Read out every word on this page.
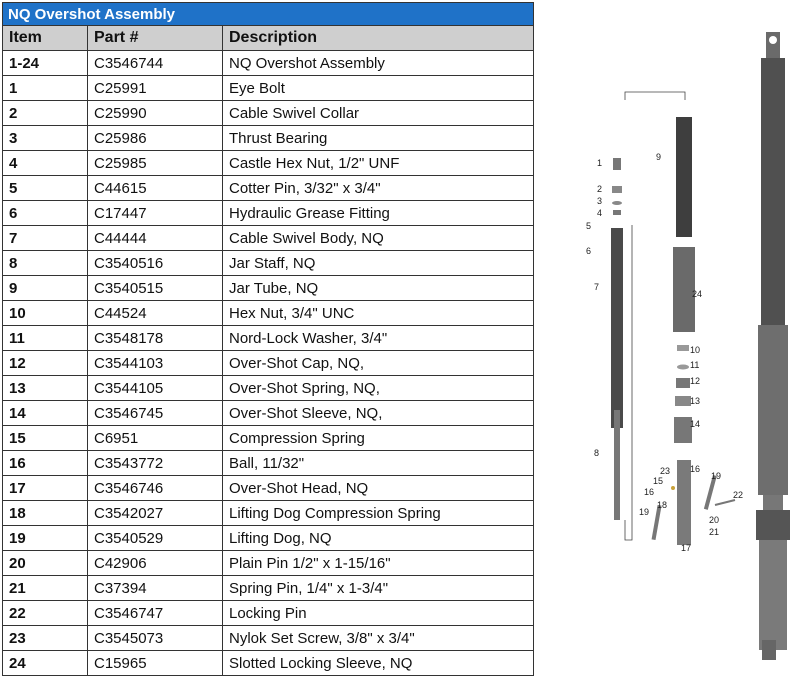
NQ Overshot Assembly		
Item	Part #	Description
1-24	C3546744	NQ Overshot Assembly
1	C25991	Eye Bolt
2	C25990	Cable Swivel Collar
3	C25986	Thrust Bearing
4	C25985	Castle Hex Nut, 1/2" UNF
5	C44615	Cotter Pin, 3/32" x 3/4"
6	C17447	Hydraulic Grease Fitting
7	C44444	Cable Swivel Body, NQ
8	C3540516	Jar Staff, NQ
9	C3540515	Jar Tube, NQ
10	C44524	Hex Nut, 3/4" UNC
11	C3548178	Nord-Lock Washer, 3/4"
12	C3544103	Over-Shot Cap, NQ,
13	C3544105	Over-Shot Spring, NQ,
14	C3546745	Over-Shot Sleeve, NQ,
15	C6951	Compression Spring
16	C3543772	Ball, 11/32"
17	C3546746	Over-Shot Head, NQ
18	C3542027	Lifting Dog Compression Spring
19	C3540529	Lifting Dog, NQ
20	C42906	Plain Pin 1/2" x 1-15/16"
21	C37394	Spring Pin, 1/4" x 1-3/4"
22	C3546747	Locking Pin
23	C3545073	Nylok Set Screw, 3/8" x 3/4"
24	C15965	Slotted Locking Sleeve, NQ
1
2
3
4
5
6
7
8
9
24
10
11
12
13
14
23
15
16
18
19
17
16
19
20
21
22
